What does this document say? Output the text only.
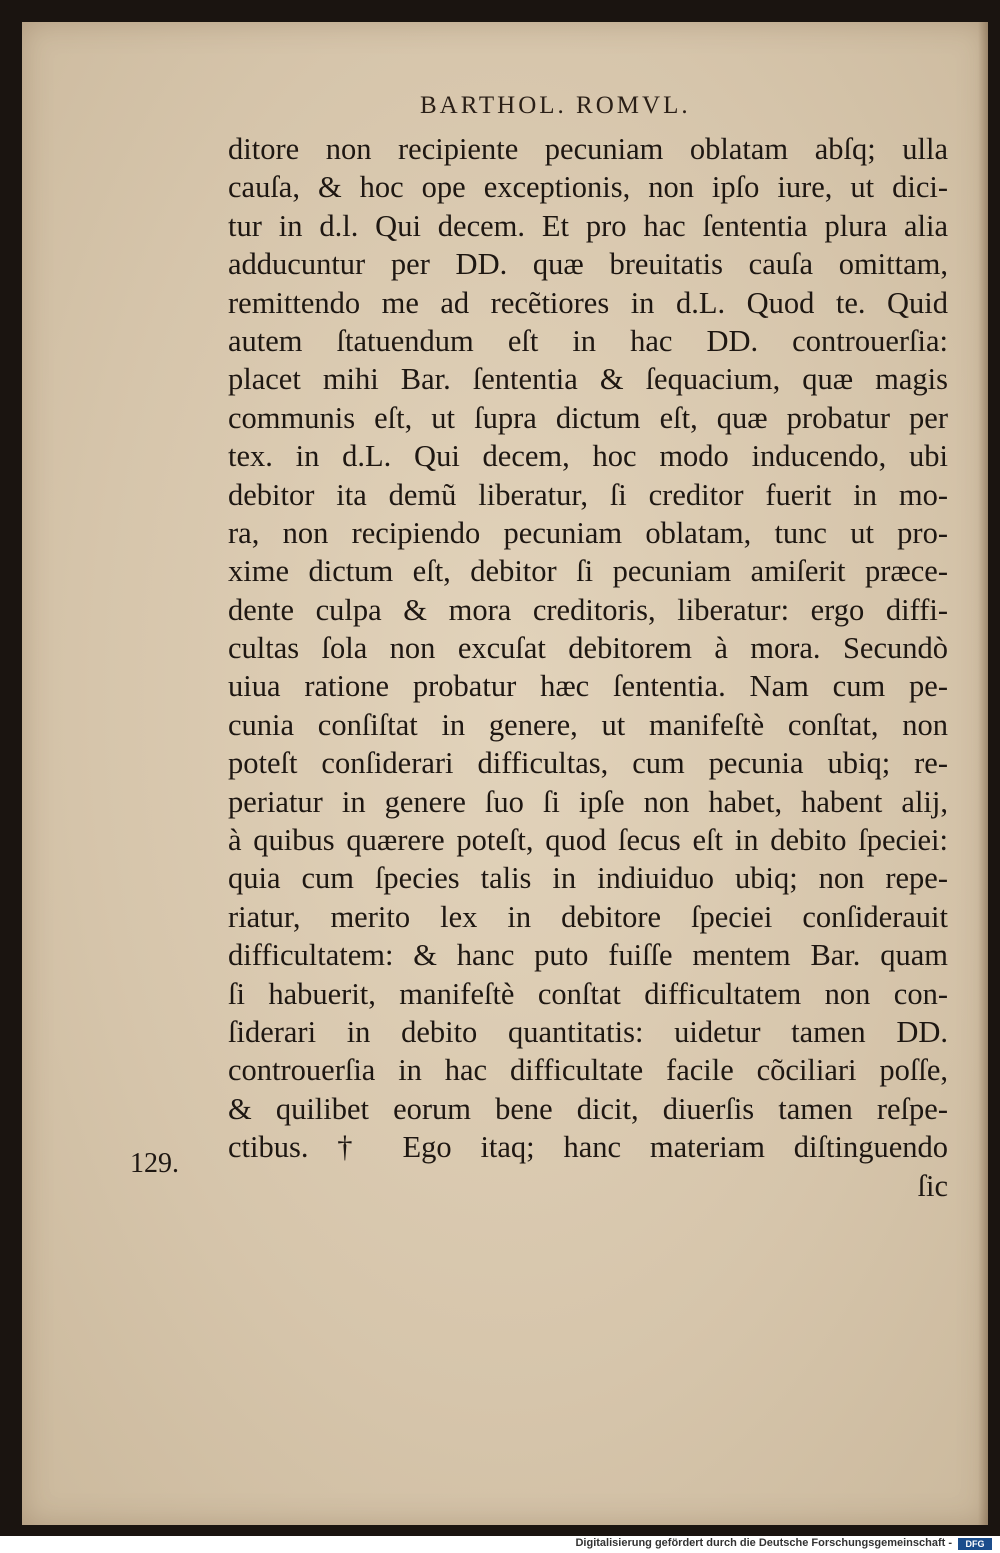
BARTHOL. ROMVL.
ditore non recipiente pecuniam oblatam abſq; ulla
cauſa, & hoc ope exceptionis, non ipſo iure, ut dici-
tur in d.l. Qui decem. Et pro hac ſententia plura alia
adducuntur per DD. quæ breuitatis cauſa omittam,
remittendo me ad recẽtiores in d.L. Quod te. Quid
autem ſtatuendum eſt in hac DD. controuerſia:
placet mihi Bar. ſententia & ſequacium, quæ magis
communis eſt, ut ſupra dictum eſt, quæ probatur per
tex. in d.L. Qui decem, hoc modo inducendo, ubi
debitor ita demũ liberatur, ſi creditor fuerit in mo-
ra, non recipiendo pecuniam oblatam, tunc ut pro-
xime dictum eſt, debitor ſi pecuniam amiſerit præce-
dente culpa & mora creditoris, liberatur: ergo diffi-
cultas ſola non excuſat debitorem à mora. Secundò
uiua ratione probatur hæc ſententia. Nam cum pe-
cunia conſiſtat in genere, ut manifeſtè conſtat, non
poteſt conſiderari difficultas, cum pecunia ubiq; re-
periatur in genere ſuo ſi ipſe non habet, habent alij,
à quibus quærere poteſt, quod ſecus eſt in debito ſpeciei:
quia cum ſpecies talis in indiuiduo ubiq; non repe-
riatur, merito lex in debitore ſpeciei conſiderauit
difficultatem: & hanc puto fuiſſe mentem Bar. quam
ſi habuerit, manifeſtè conſtat difficultatem non con-
ſiderari in debito quantitatis: uidetur tamen DD.
controuerſia in hac difficultate facile cõciliari poſſe,
& quilibet eorum bene dicit, diuerſis tamen reſpe-
ctibus. † Ego itaq; hanc materiam diſtinguendo
ſic
129.
Digitalisierung gefördert durch die Deutsche Forschungsgemeinschaft -	DFG
